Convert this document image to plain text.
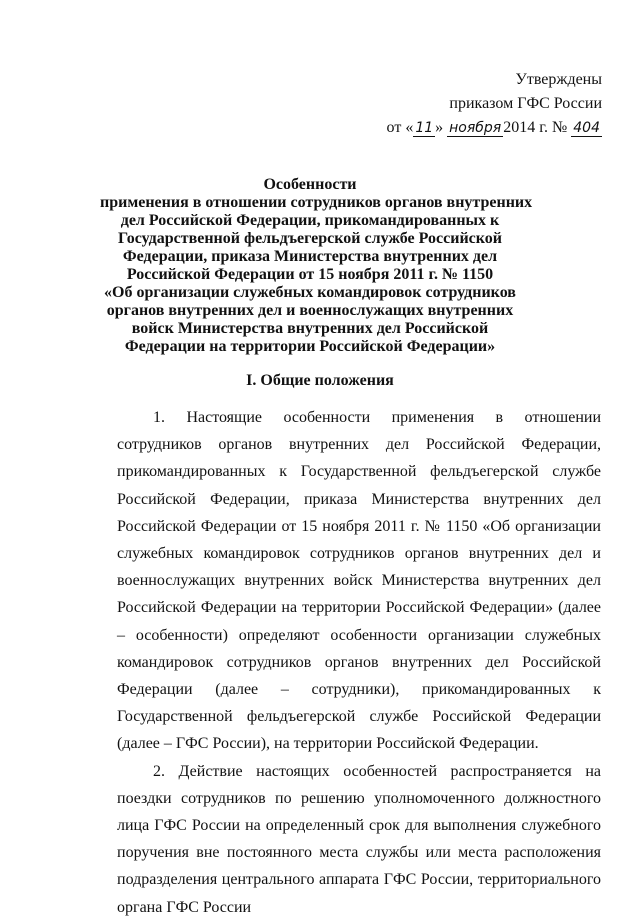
Утверждены
приказом ГФС России
от « 11 » ноября 2014 г. № 404
Особенности
применения в отношении сотрудников органов внутренних
дел Российской Федерации, прикомандированных к
Государственной фельдъегерской службе Российской
Федерации, приказа Министерства внутренних дел
Российской Федерации от 15 ноября 2011 г. № 1150
«Об организации служебных командировок сотрудников
органов внутренних дел и военнослужащих внутренних
войск Министерства внутренних дел Российской
Федерации на территории Российской Федерации»
I. Общие положения

1. Настоящие особенности применения в отношении сотрудников органов внутренних дел Российской Федерации, прикомандированных к Государственной фельдъегерской службе Российской Федерации, приказа Министерства внутренних дел Российской Федерации от 15 ноября 2011 г. № 1150 «Об организации служебных командировок сотрудников органов внутренних дел и военнослужащих внутренних войск Министерства внутренних дел Российской Федерации на территории Российской Федерации» (далее – особенности) определяют особенности организации служебных командировок сотрудников органов внутренних дел Российской Федерации (далее – сотрудники), прикомандированных к Государственной фельдъегерской службе Российской Федерации (далее – ГФС России), на территории Российской Федерации.

2. Действие настоящих особенностей распространяется на поездки сотрудников по решению уполномоченного должностного лица ГФС России на определенный срок для выполнения служебного поручения вне постоянного места службы или места расположения подразделения центрального аппарата ГФС России, территориального органа ГФС России
